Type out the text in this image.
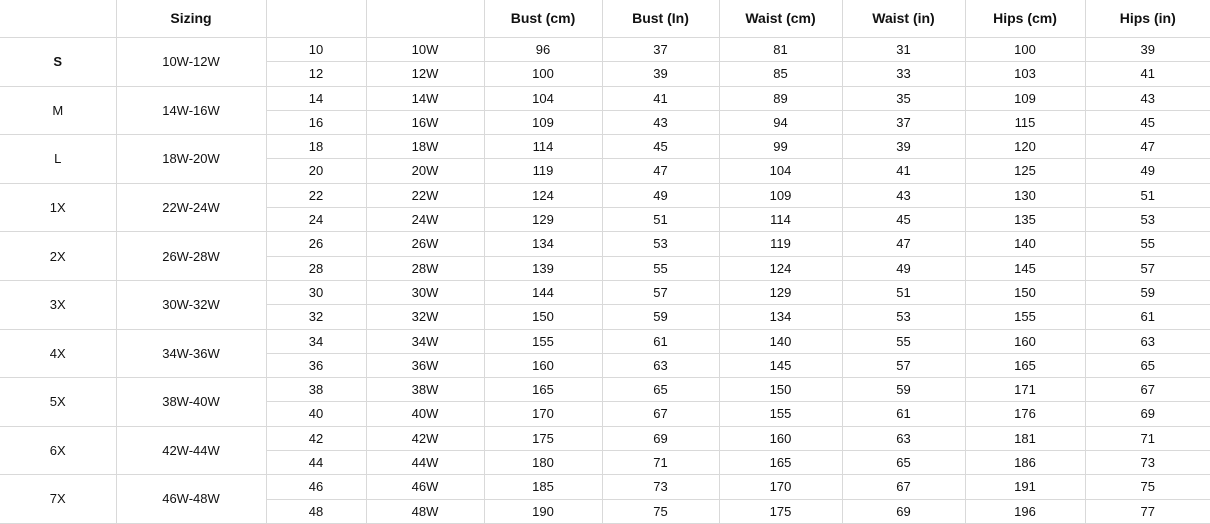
	Sizing			Bust (cm)	Bust (In)	Waist (cm)	Waist (in)	Hips (cm)	Hips (in)
S	10W-12W	10	10W	96	37	81	31	100	39
		12	12W	100	39	85	33	103	41
M	14W-16W	14	14W	104	41	89	35	109	43
		16	16W	109	43	94	37	115	45
L	18W-20W	18	18W	114	45	99	39	120	47
		20	20W	119	47	104	41	125	49
1X	22W-24W	22	22W	124	49	109	43	130	51
		24	24W	129	51	114	45	135	53
2X	26W-28W	26	26W	134	53	119	47	140	55
		28	28W	139	55	124	49	145	57
3X	30W-32W	30	30W	144	57	129	51	150	59
		32	32W	150	59	134	53	155	61
4X	34W-36W	34	34W	155	61	140	55	160	63
		36	36W	160	63	145	57	165	65
5X	38W-40W	38	38W	165	65	150	59	171	67
		40	40W	170	67	155	61	176	69
6X	42W-44W	42	42W	175	69	160	63	181	71
		44	44W	180	71	165	65	186	73
7X	46W-48W	46	46W	185	73	170	67	191	75
		48	48W	190	75	175	69	196	77
